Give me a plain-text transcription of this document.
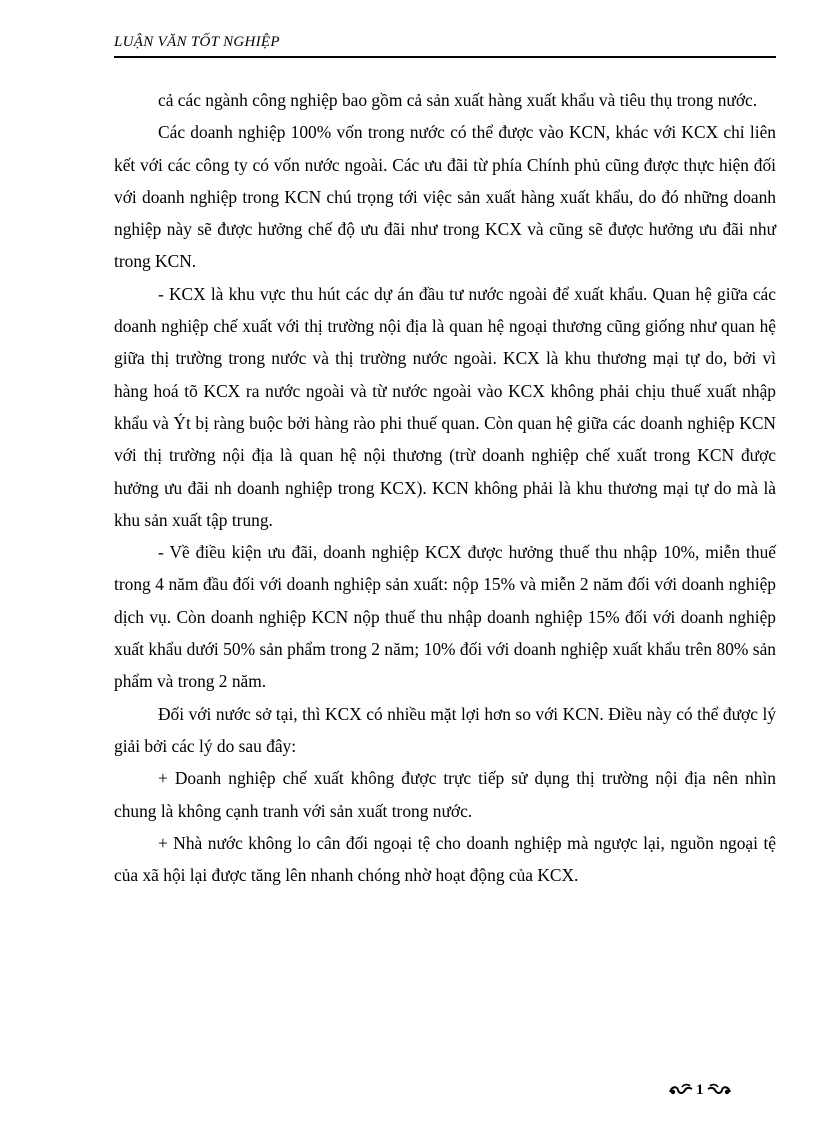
LUẬN VĂN TỐT NGHIỆP

cả các ngành công nghiệp bao gồm cả sản xuất hàng xuất khẩu và tiêu thụ trong nước.

Các doanh nghiệp 100% vốn trong nước có thể được vào KCN, khác với KCX chỉ liên kết với các công ty có vốn nước ngoài. Các ưu đãi từ phía Chính phủ cũng được thực hiện đối với doanh nghiệp trong KCN chú trọng tới việc sản xuất hàng xuất khẩu, do đó những doanh nghiệp này sẽ được hưởng chế độ ưu đãi như trong KCX và cũng sẽ được hưởng ưu đãi như trong KCN.

- KCX là khu vực thu hút các dự án đầu tư nước ngoài để xuất khẩu. Quan hệ giữa các doanh nghiệp chế xuất với thị trường nội địa là quan hệ ngoại thương cũng giống như quan hệ giữa thị trường trong nước và thị trường nước ngoài. KCX là khu thương mại tự do, bởi vì hàng hoá tõ KCX ra nước ngoài và từ nước ngoài vào KCX không phải chịu thuế xuất nhập khẩu và Ýt bị ràng buộc bởi hàng rào phi thuế quan. Còn quan hệ giữa các doanh nghiệp KCN với thị trường nội địa là quan hệ nội thương (trừ doanh nghiệp chế xuất trong KCN được hưởng ưu đãi nh doanh nghiệp trong KCX). KCN không phải là khu thương mại tự do mà là khu sản xuất tập trung.

- Về điều kiện ưu đãi, doanh nghiệp KCX được hưởng thuế thu nhập 10%, miễn thuế trong 4 năm đầu đối với doanh nghiệp sản xuất: nộp 15% và miễn 2 năm đối với doanh nghiệp dịch vụ. Còn doanh nghiệp KCN nộp thuế thu nhập doanh nghiệp 15% đối với doanh nghiệp xuất khẩu dưới 50% sản phẩm trong 2 năm; 10% đối với doanh nghiệp xuất khẩu trên 80% sản phẩm và trong 2 năm.

Đối với nước sở tại, thì KCX có nhiều mặt lợi hơn so với KCN. Điều này có thể được lý giải bởi các lý do sau đây:

+ Doanh nghiệp chế xuất không được trực tiếp sử dụng thị trường nội địa nên nhìn chung là không cạnh tranh với sản xuất trong nước.

+ Nhà nước không lo cân đối ngoại tệ cho doanh nghiệp mà ngược lại, nguồn ngoại tệ của xã hội lại được tăng lên nhanh chóng nhờ hoạt động của KCX.

1
